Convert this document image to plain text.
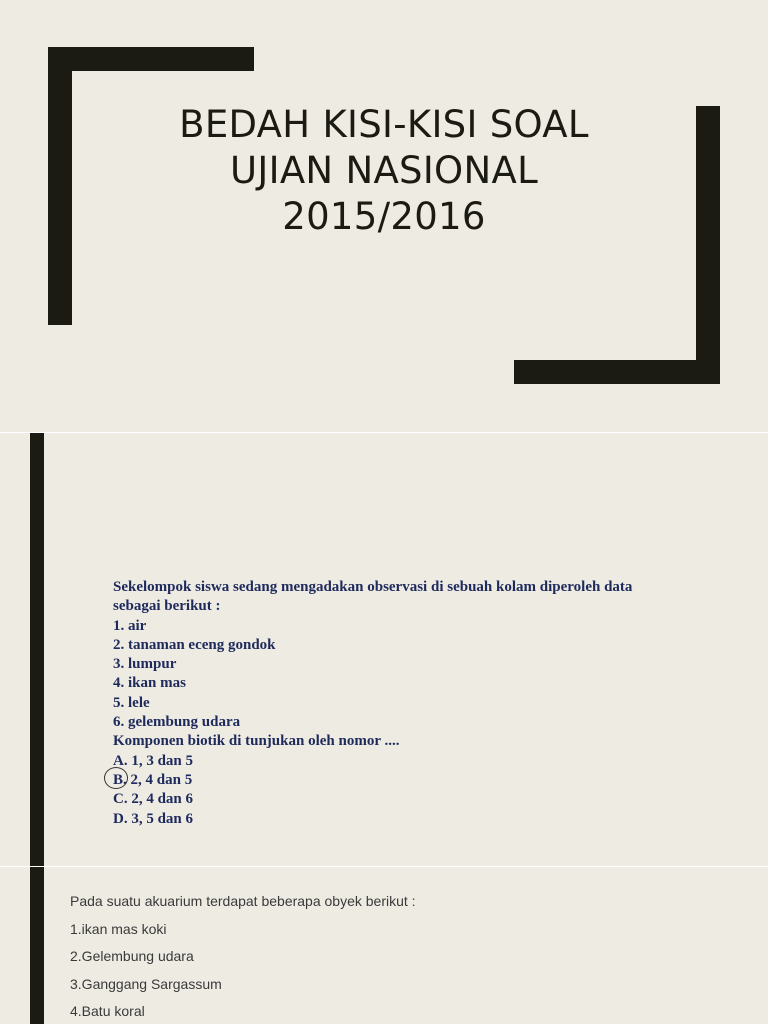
BEDAH KISI-KISI SOAL
UJIAN NASIONAL
2015/2016
Sekelompok siswa sedang mengadakan observasi di sebuah kolam diperoleh data
sebagai berikut :
1. air
2. tanaman eceng gondok
3. lumpur
4. ikan mas
5. lele
6. gelembung udara
Komponen biotik di tunjukan oleh nomor ....
A. 1, 3 dan 5
B. 2, 4 dan 5
C. 2, 4 dan 6
D. 3, 5 dan 6
Pada suatu akuarium terdapat beberapa obyek berikut :
1.ikan mas koki
2.Gelembung udara
3.Ganggang Sargassum
4.Batu koral
